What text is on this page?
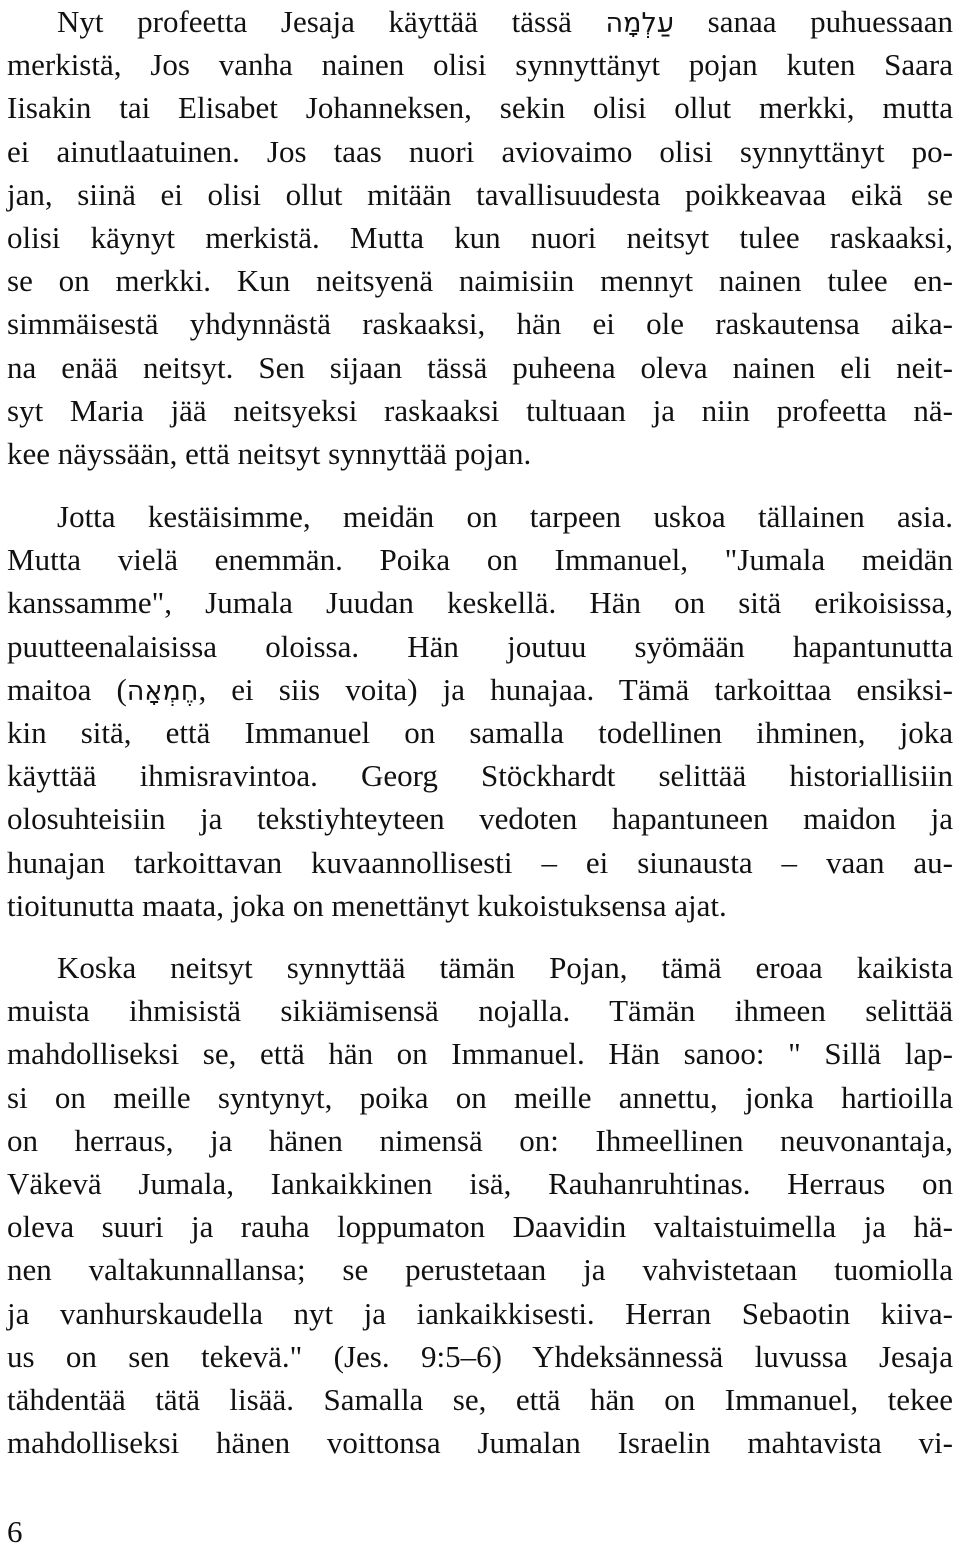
Nyt profeetta Jesaja käyttää tässä עַלְמָה sanaa puhuessaan
merkistä, Jos vanha nainen olisi synnyttänyt pojan kuten Saara
Iisakin tai Elisabet Johanneksen, sekin olisi ollut merkki, mutta
ei ainutlaatuinen. Jos taas nuori aviovaimo olisi synnyttänyt po-
jan, siinä ei olisi ollut mitään tavallisuudesta poikkeavaa eikä se
olisi käynyt merkistä. Mutta kun nuori neitsyt tulee raskaaksi,
se on merkki. Kun neitsyenä naimisiin mennyt nainen tulee en-
simmäisestä yhdynnästä raskaaksi, hän ei ole raskautensa aika-
na enää neitsyt. Sen sijaan tässä puheena oleva nainen eli neit-
syt Maria jää neitsyeksi raskaaksi tultuaan ja niin profeetta nä-
kee näyssään, että neitsyt synnyttää pojan.
Jotta kestäisimme, meidän on tarpeen uskoa tällainen asia.
Mutta vielä enemmän. Poika on Immanuel, "Jumala meidän
kanssamme", Jumala Juudan keskellä. Hän on sitä erikoisissa,
puutteenalaisissa oloissa. Hän joutuu syömään hapantunutta
maitoa (חֶמְאָה, ei siis voita) ja hunajaa. Tämä tarkoittaa ensiksi-
kin sitä, että Immanuel on samalla todellinen ihminen, joka
käyttää ihmisravintoa. Georg Stöckhardt selittää historiallisiin
olosuhteisiin ja tekstiyhteyteen vedoten hapantuneen maidon ja
hunajan tarkoittavan kuvaannollisesti – ei siunausta – vaan au-
tioitunutta maata, joka on menettänyt kukoistuksensa ajat.
Koska neitsyt synnyttää tämän Pojan, tämä eroaa kaikista
muista ihmisistä sikiämisensä nojalla. Tämän ihmeen selittää
mahdolliseksi se, että hän on Immanuel. Hän sanoo: " Sillä lap-
si on meille syntynyt, poika on meille annettu, jonka hartioilla
on herraus, ja hänen nimensä on: Ihmeellinen neuvonantaja,
Väkevä Jumala, Iankaikkinen isä, Rauhanruhtinas. Herraus on
oleva suuri ja rauha loppumaton Daavidin valtaistuimella ja hä-
nen valtakunnallansa; se perustetaan ja vahvistetaan tuomiolla
ja vanhurskaudella nyt ja iankaikkisesti. Herran Sebaotin kiiva-
us on sen tekevä." (Jes. 9:5–6) Yhdeksännessä luvussa Jesaja
tähdentää tätä lisää. Samalla se, että hän on Immanuel, tekee
mahdolliseksi hänen voittonsa Jumalan Israelin mahtavista vi-
6
